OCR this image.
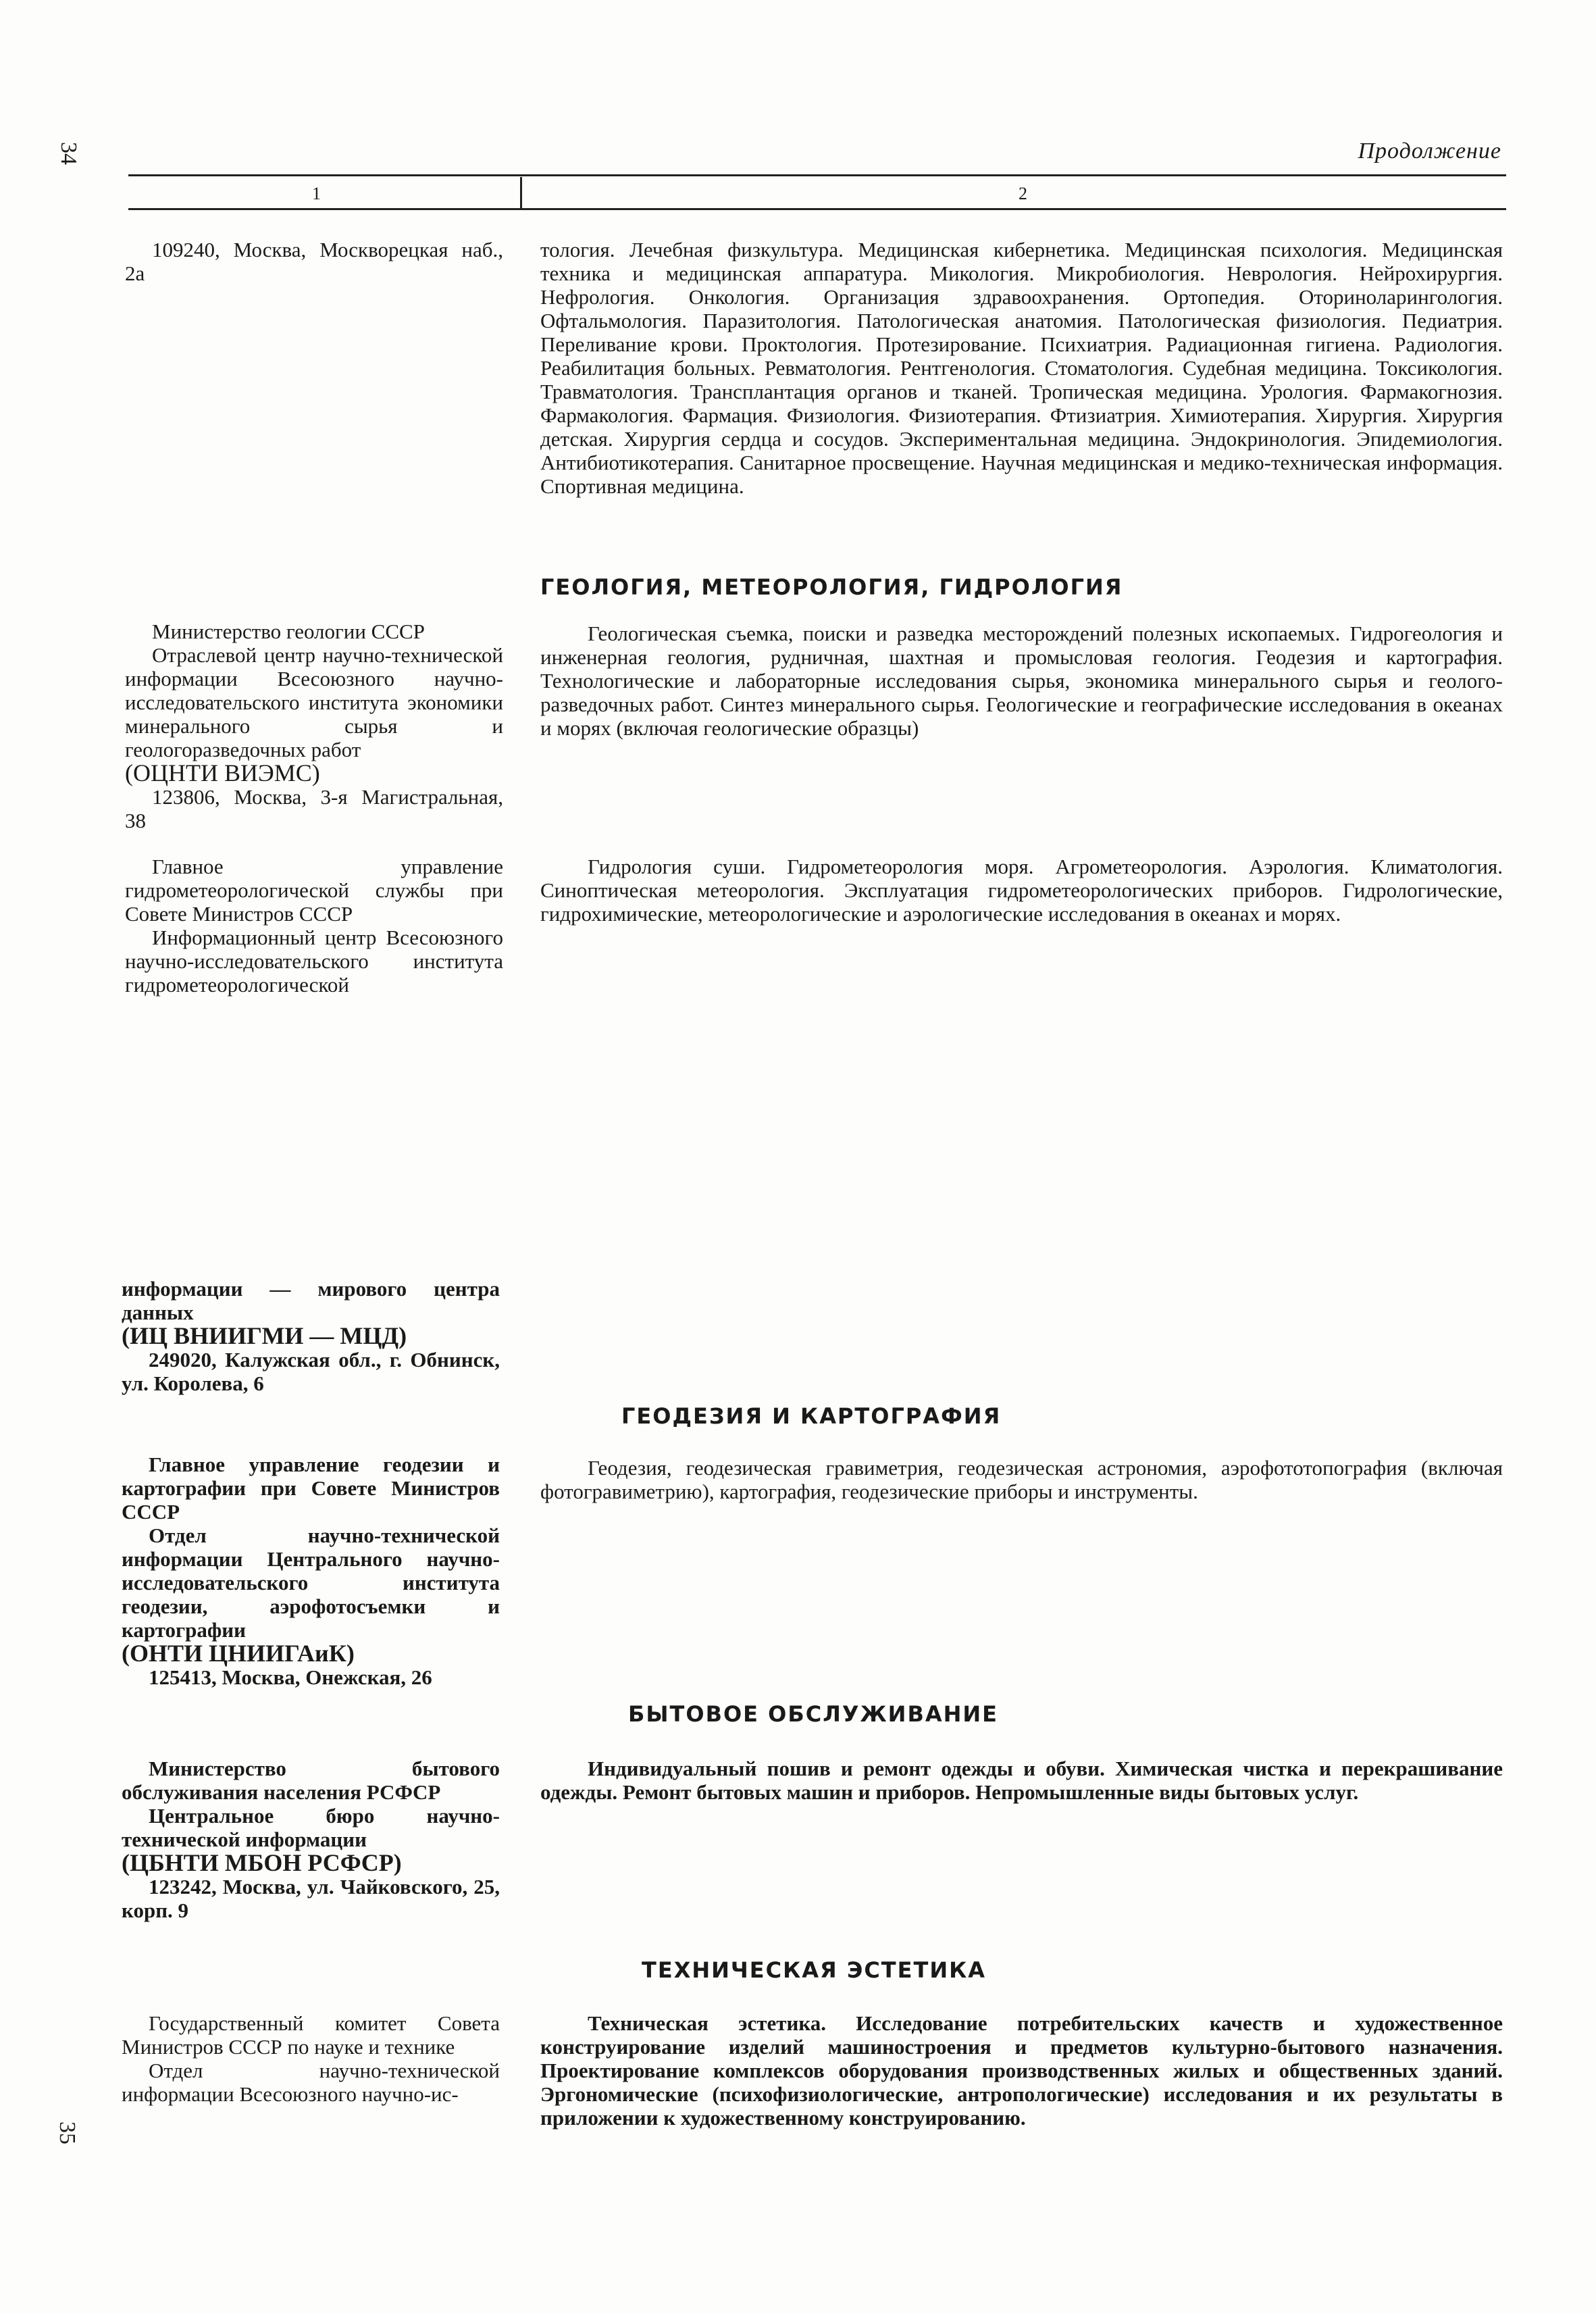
34	Продолжение
1	2

109240, Москва, Москворецкая наб., 2а

тология. Лечебная физкультура. Медицинская кибернетика. Медицинская психология. Медицинская техника и медицинская аппаратура. Микология. Микробиология. Неврология. Нейрохирургия. Нефрология. Онкология. Организация здравоохранения. Ортопедия. Оториноларингология. Офтальмология. Паразитология. Патологическая анатомия. Патологическая физиология. Педиатрия. Переливание крови. Проктология. Протезирование. Психиатрия. Радиационная гигиена. Радиология. Реабилитация больных. Ревматология. Рентгенология. Стоматология. Судебная медицина. Токсикология. Травматология. Трансплантация органов и тканей. Тропическая медицина. Урология. Фармакогнозия. Фармакология. Фармация. Физиология. Физиотерапия. Фтизиатрия. Химиотерапия. Хирургия. Хирургия детская. Хирургия сердца и сосудов. Экспериментальная медицина. Эндокринология. Эпидемиология. Антибиотикотерапия. Санитарное просвещение. Научная медицинская и медико-техническая информация. Спортивная медицина.

ГЕОЛОГИЯ, МЕТЕОРОЛОГИЯ, ГИДРОЛОГИЯ

Министерство геологии СССР

Отраслевой центр научно-технической информации Всесоюзного научно-исследовательского института экономики минерального сырья и геологоразведочных работ

(ОЦНТИ ВИЭМС)

123806, Москва, 3-я Магистральная, 38

Геологическая съемка, поиски и разведка месторождений полезных ископаемых. Гидрогеология и инженерная геология, рудничная, шахтная и промысловая геология. Геодезия и картография. Технологические и лабораторные исследования сырья, экономика минерального сырья и геолого-разведочных работ. Синтез минерального сырья. Геологические и географические исследования в океанах и морях (включая геологические образцы)

Главное управление гидрометеорологической службы при Совете Министров СССР

Информационный центр Всесоюзного научно-исследовательского института гидрометеорологической

Гидрология суши. Гидрометеорология моря. Агрометеорология. Аэрология. Климатология. Синоптическая метеорология. Эксплуатация гидрометеорологических приборов. Гидрологические, гидрохимические, метеорологические и аэрологические исследования в океанах и морях.

информации — мирового центра данных

(ИЦ ВНИИГМИ — МЦД)

249020, Калужская обл., г. Обнинск, ул. Королева, 6

ГЕОДЕЗИЯ И КАРТОГРАФИЯ

Главное управление геодезии и картографии при Совете Министров СССР

Отдел научно-технической информации Центрального научно-исследовательского института геодезии, аэрофотосъемки и картографии

(ОНТИ ЦНИИГАиК)

125413, Москва, Онежская, 26

Геодезия, геодезическая гравиметрия, геодезическая астрономия, аэрофототопография (включая фотогравиметрию), картография, геодезические приборы и инструменты.

БЫТОВОЕ ОБСЛУЖИВАНИЕ

Министерство бытового обслуживания населения РСФСР

Центральное бюро научно-технической информации

(ЦБНТИ МБОН РСФСР)

123242, Москва, ул. Чайковского, 25, корп. 9

Индивидуальный пошив и ремонт одежды и обуви. Химическая чистка и перекрашивание одежды. Ремонт бытовых машин и приборов. Непромышленные виды бытовых услуг.

ТЕХНИЧЕСКАЯ ЭСТЕТИКА

Государственный комитет Совета Министров СССР по науке и технике

Отдел научно-технической информации Всесоюзного научно-ис-

Техническая эстетика. Исследование потребительских качеств и художественное конструирование изделий машиностроения и предметов культурно-бытового назначения. Проектирование комплексов оборудования производственных жилых и общественных зданий. Эргономические (психофизиологические, антропологические) исследования и их результаты в приложении к художественному конструированию.

35
